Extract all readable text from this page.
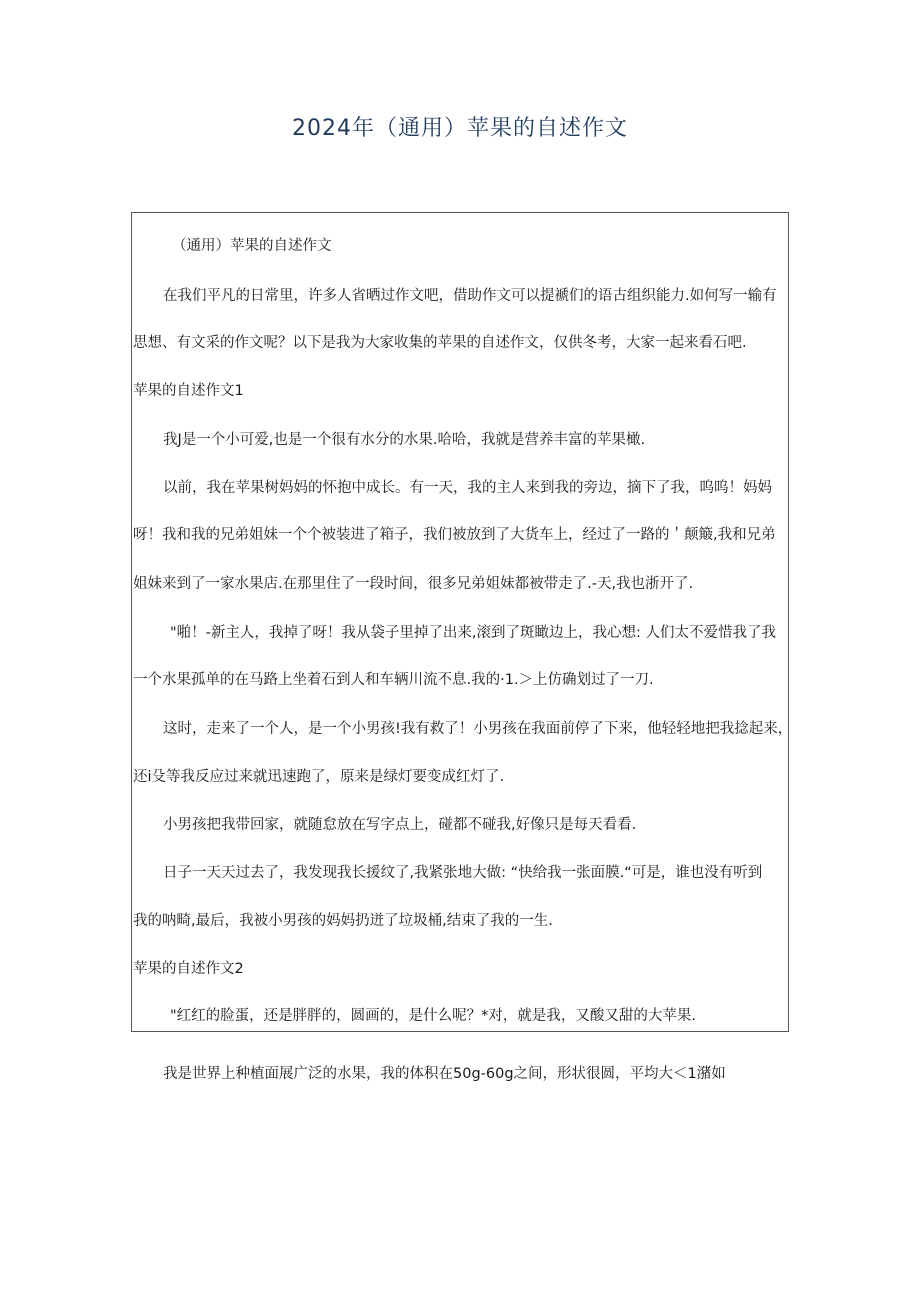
2024年（通用）苹果的自述作文
（通用）苹果的自述作文
在我们平凡的日常里，许多人省晒过作文吧，借助作文可以提褫们的语古组织能力.如何写一输有
思想、有文采的作文呢？以下是我为大家收集的苹果的自述作文，仅供冬考，大家一起来看石吧.
苹果的自述作文1
我J是一个小可爱,也是一个很有水分的水果.哈哈，我就是营养丰富的苹果橄.
以前，我在苹果树妈妈的怀抱中成长。有一天，我的主人来到我的旁边，摘下了我，呜呜！妈妈
呀！我和我的兄弟姐妹一个个被装进了箱子，我们被放到了大货车上，经过了一路的＇颠簸,我和兄弟
姐妹来到了一家水果店.在那里住了一段时间，很多兄弟姐妹都被带走了.-天,我也浙开了.
"啪！-新主人，我掉了呀！我从袋子里掉了出来,滚到了斑瞰边上，我心想: 人们太不爱惜我了我
一个水果孤单的在马路上坐着石到人和车辆川流不息.我的·1.＞上仿确划过了一刀.
这时，走来了一个人，是一个小男孩!我有救了！小男孩在我面前停了下来，他轻轻地把我捻起来，
还i殳等我反应过来就迅速跑了，原来是绿灯要变成红灯了.
小男孩把我带回家，就随怠放在写字点上，碰都不碰我,好像只是每天看看.
日子一天天过去了，我发现我长援纹了,我紧张地大做: “快给我一张面膜.“可是，谁也没有听到
我的呐畸,最后，我被小男孩的妈妈扔迸了垃圾桶,结束了我的一生.
苹果的自述作文2
"红红的脸蛋，还是胖胖的，圆画的，是什么呢？*对，就是我，又酸又甜的大苹果.
我是世界上种植面展广泛的水果，我的体积在50g-60g之间，形状很圆，平均大＜1潴如
